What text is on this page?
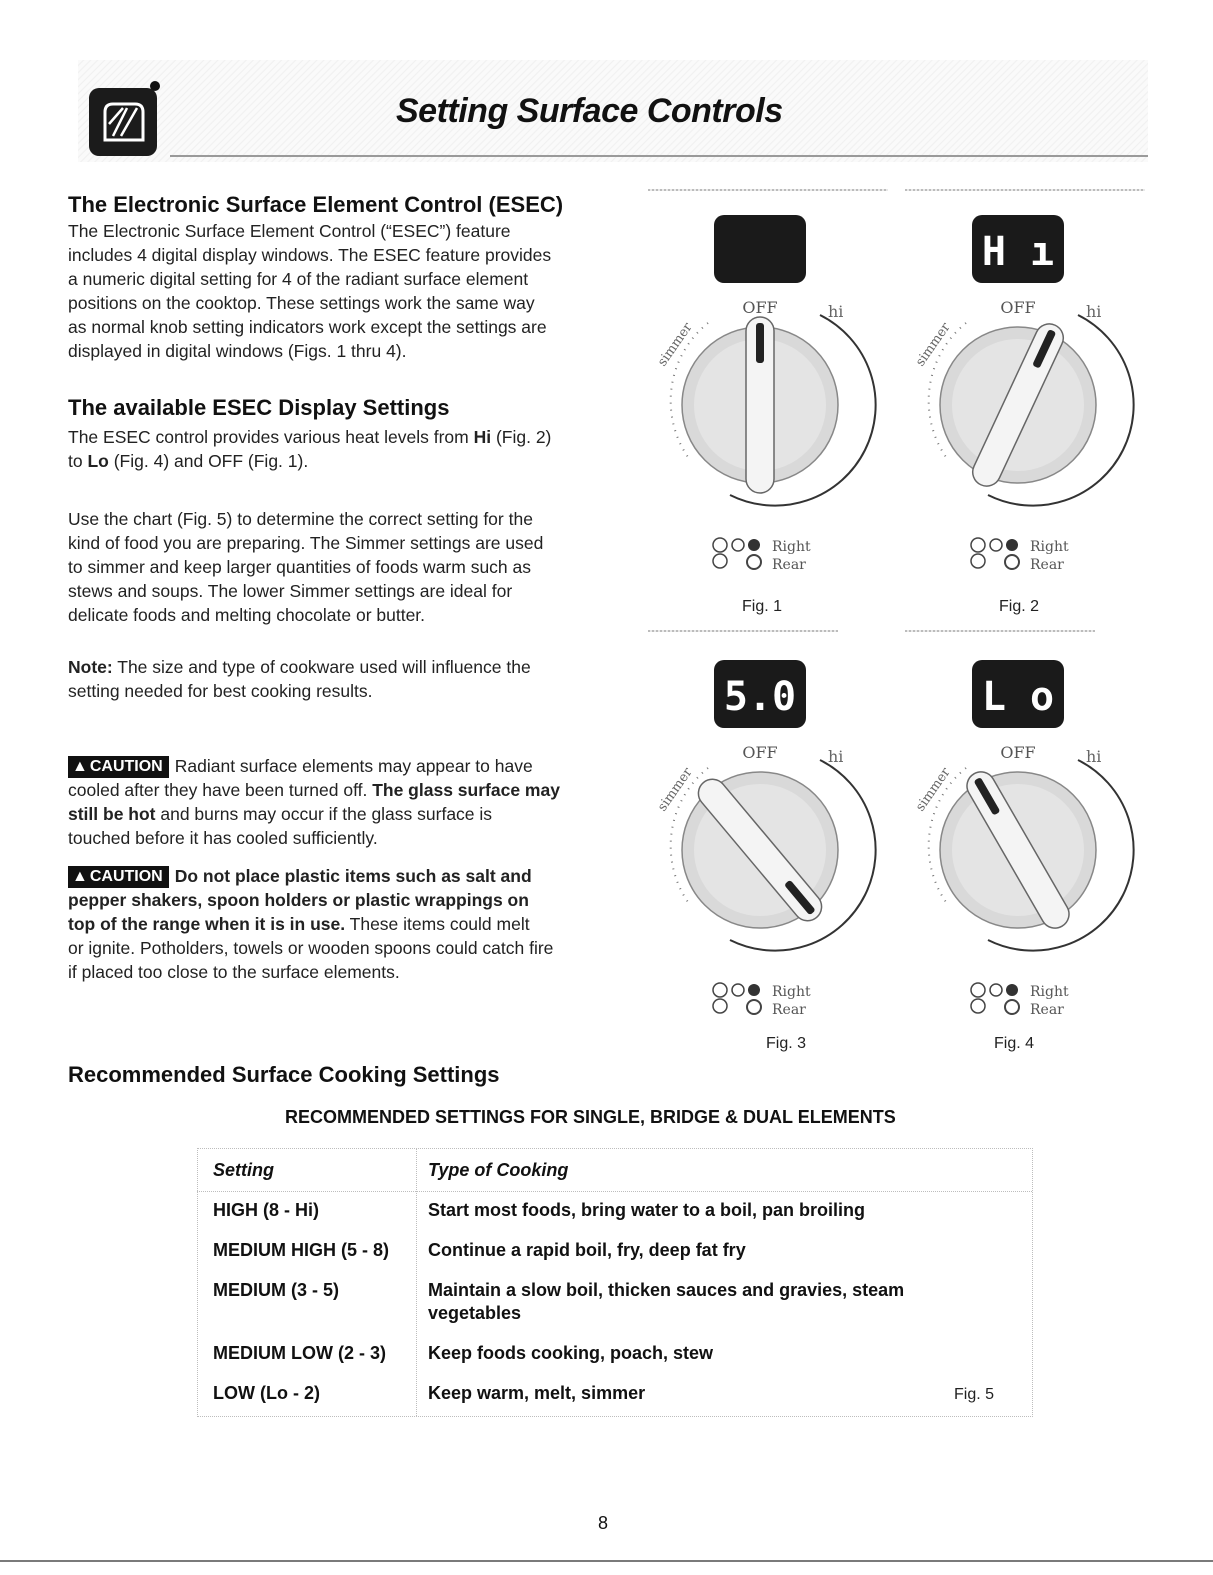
Setting Surface Controls
The Electronic Surface Element Control (ESEC)
The Electronic Surface Element Control (“ESEC”) feature
includes 4 digital display windows. The ESEC feature provides
a numeric digital setting for 4 of the radiant surface element
positions on the cooktop. These settings work the same way
as normal knob setting indicators work except the settings are
displayed in digital windows (Figs. 1 thru 4).
The available ESEC Display Settings
The ESEC control provides various heat levels from Hi (Fig. 2)
to Lo (Fig. 4) and OFF (Fig. 1).
Use the chart (Fig. 5) to determine the correct setting for the
kind of food you are preparing. The Simmer settings are used
to simmer and keep larger quantities of foods warm such as
stews and soups. The lower Simmer settings are ideal for
delicate foods and melting chocolate or butter.
Note: The size and type of cookware used will influence the
setting needed for best cooking results.
▲ CAUTION Radiant surface elements may appear to have
cooled after they have been turned off. The glass surface may
still be hot and burns may occur if the glass surface is
touched before it has cooled sufficiently.
▲ CAUTION Do not place plastic items such as salt and
pepper shakers, spoon holders or plastic wrappings on
top of the range when it is in use. These items could melt
or ignite. Potholders, towels or wooden spoons could catch fire
if placed too close to the surface elements.
OFF	hi
simmer
Right
Rear
H ı
OFF	hi
simmer
Right
Rear
5.0
OFF	hi
simmer
Right
Rear
L o
OFF	hi
simmer
Right
Rear
Fig. 1	Fig. 2
Fig. 3	Fig. 4
Recommended Surface Cooking Settings
RECOMMENDED SETTINGS FOR SINGLE, BRIDGE & DUAL ELEMENTS
Setting	Type of Cooking
HIGH (8 - Hi)	Start most foods, bring water to a boil, pan broiling
MEDIUM HIGH (5 - 8) Continue a rapid boil, fry, deep fat fry
MEDIUM (3 - 5)	Maintain a slow boil, thicken sauces and gravies, steam
vegetables
MEDIUM LOW (2 - 3) Keep foods cooking, poach, stew
LOW (Lo - 2)	Keep warm, melt, simmer	Fig. 5
8
